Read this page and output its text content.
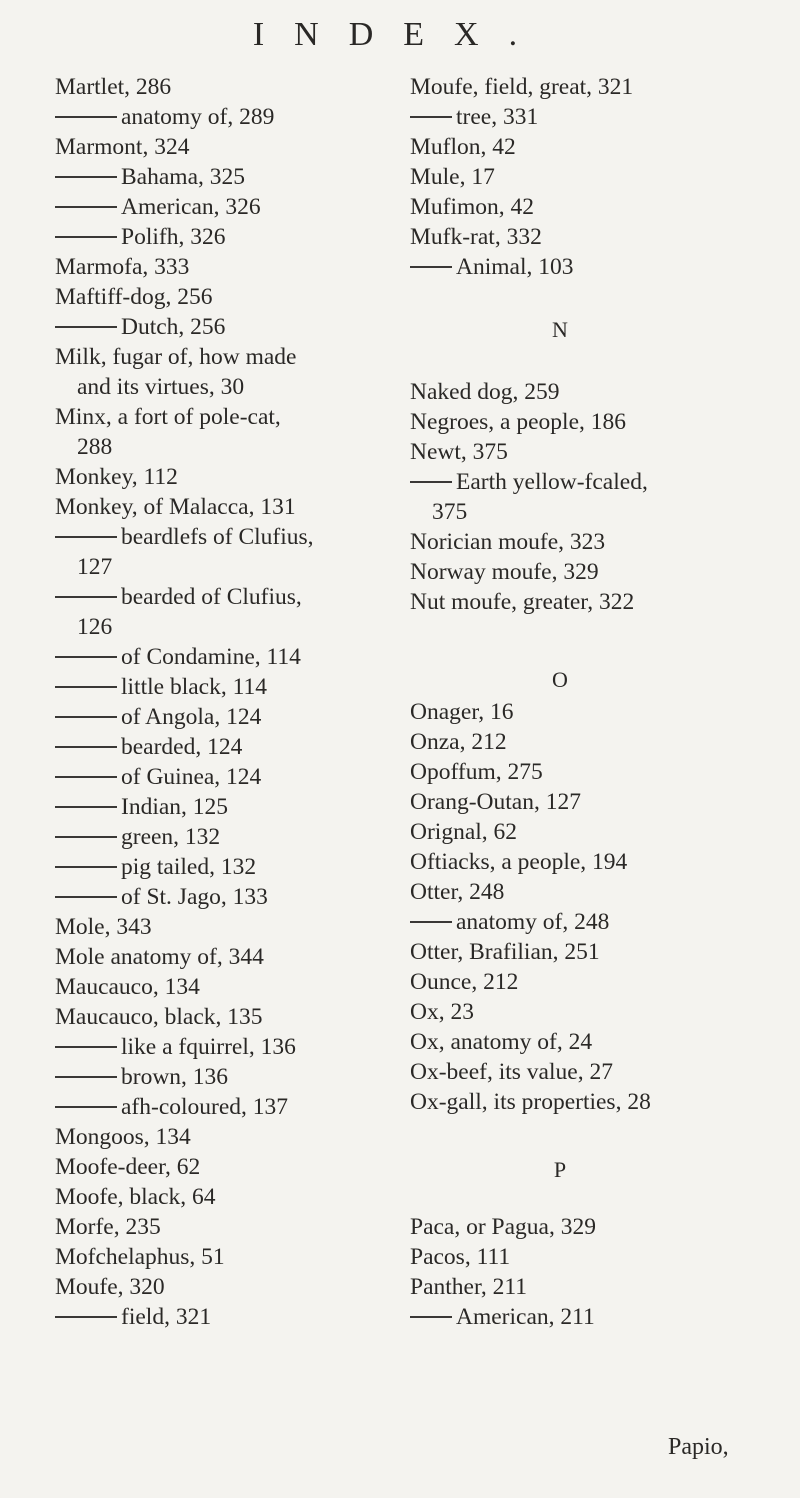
INDEX.
Martlet, 286
anatomy of, 289
Marmont, 324
Bahama, 325
American, 326
Polifh, 326
Marmofa, 333
Maftiff-dog, 256
Dutch, 256
Milk, fugar of, how made
and its virtues, 30
Minx, a fort of pole-cat,
288
Monkey, 112
Monkey, of Malacca, 131
beardlefs of Clufius,
127
bearded of Clufius,
126
of Condamine, 114
little black, 114
of Angola, 124
bearded, 124
of Guinea, 124
Indian, 125
green, 132
pig tailed, 132
of St. Jago, 133
Mole, 343
Mole anatomy of, 344
Maucauco, 134
Maucauco, black, 135
like a fquirrel, 136
brown, 136
afh-coloured, 137
Mongoos, 134
Moofe-deer, 62
Moofe, black, 64
Morfe, 235
Mofchelaphus, 51
Moufe, 320
field, 321
Moufe, field, great, 321
tree, 331
Muflon, 42
Mule, 17
Mufimon, 42
Mufk-rat, 332
Animal, 103
N
Naked dog, 259
Negroes, a people, 186
Newt, 375
Earth yellow-fcaled,
375
Norician moufe, 323
Norway moufe, 329
Nut moufe, greater, 322
O
Onager, 16
Onza, 212
Opoffum, 275
Orang-Outan, 127
Orignal, 62
Oftiacks, a people, 194
Otter, 248
anatomy of, 248
Otter, Brafilian, 251
Ounce, 212
Ox, 23
Ox, anatomy of, 24
Ox-beef, its value, 27
Ox-gall, its properties, 28
P
Paca, or Pagua, 329
Pacos, 111
Panther, 211
American, 211
Papio,
